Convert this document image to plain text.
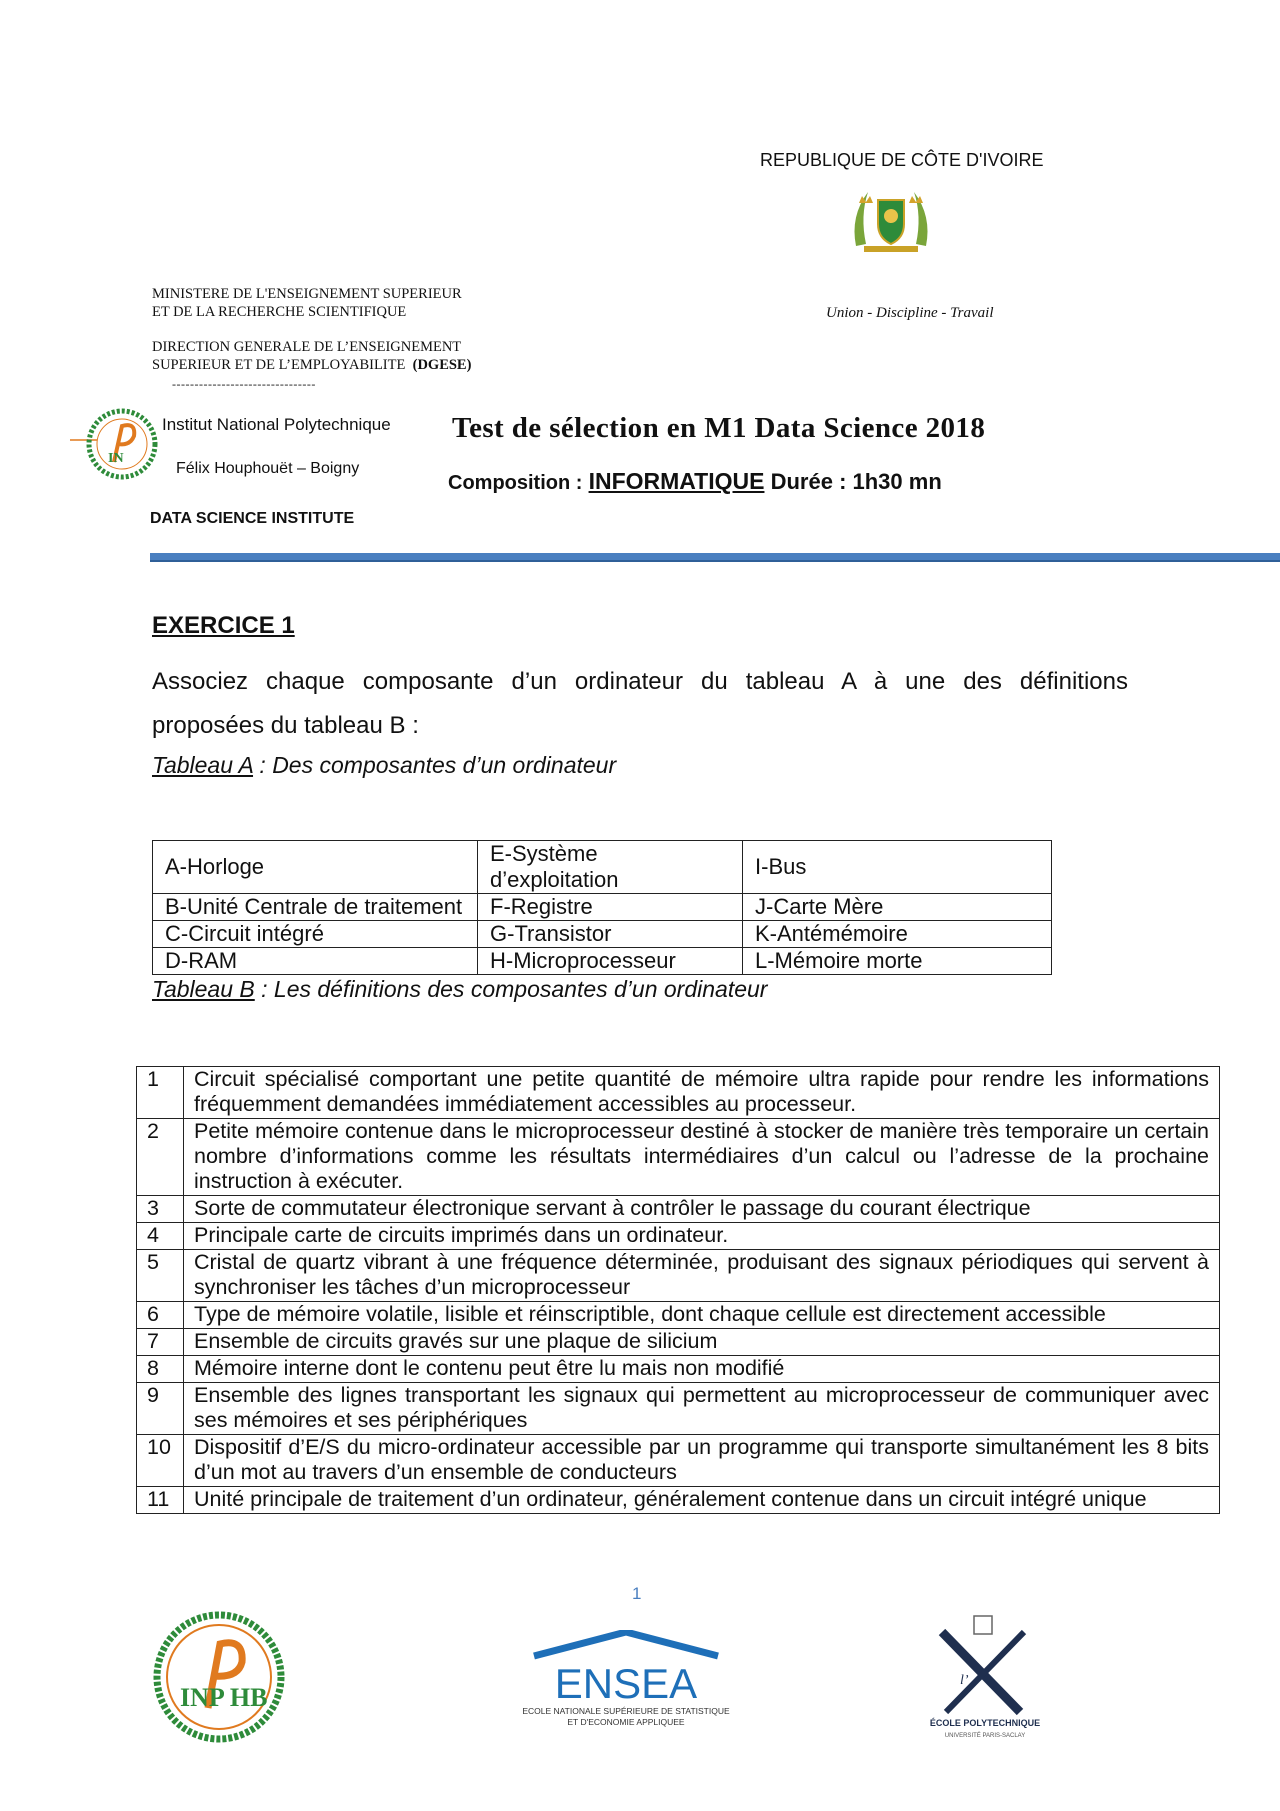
REPUBLIQUE DE CÔTE D'IVOIRE
Union - Discipline - Travail
MINISTERE DE L'ENSEIGNEMENT SUPERIEUR
ET DE LA RECHERCHE SCIENTIFIQUE
DIRECTION GENERALE DE L’ENSEIGNEMENT
SUPERIEUR ET DE L’EMPLOYABILITE (DGESE)
--------------------------------
IN
Institut National Polytechnique
Félix Houphouët – Boigny
DATA SCIENCE INSTITUTE
Test de sélection en M1 Data Science 2018
Composition : INFORMATIQUE Durée : 1h30 mn
EXERCICE 1
Associez chaque composante d’un ordinateur du tableau A à une des définitions
proposées du tableau B :
Tableau A : Des composantes d’un ordinateur
A-Horloge	E-Système d’exploitation	I-Bus
B-Unité Centrale de traitement	F-Registre	J-Carte Mère
C-Circuit intégré	G-Transistor	K-Antémémoire
D-RAM	H-Microprocesseur	L-Mémoire morte
Tableau B : Les définitions des composantes d’un ordinateur
1	Circuit spécialisé comportant une petite quantité de mémoire ultra rapide pour rendre les informations fréquemment demandées immédiatement accessibles au processeur.
2	Petite mémoire contenue dans le microprocesseur destiné à stocker de manière très temporaire un certain nombre d’informations comme les résultats intermédiaires d’un calcul ou l’adresse de la prochaine instruction à exécuter.
3	Sorte de commutateur électronique servant à contrôler le passage du courant électrique
4	Principale carte de circuits imprimés dans un ordinateur.
5	Cristal de quartz vibrant à une fréquence déterminée, produisant des signaux périodiques qui servent à synchroniser les tâches d’un microprocesseur
6	Type de mémoire volatile, lisible et réinscriptible, dont chaque cellule est directement accessible
7	Ensemble de circuits gravés sur une plaque de silicium
8	Mémoire interne dont le contenu peut être lu mais non modifié
9	Ensemble des lignes transportant les signaux qui permettent au microprocesseur de communiquer avec ses mémoires et ses périphériques
10	Dispositif d’E/S du micro-ordinateur accessible par un programme qui transporte simultanément les 8 bits d’un mot au travers d’un ensemble de conducteurs
11	Unité principale de traitement d’un ordinateur, généralement contenue dans un circuit intégré unique
1
INP HB	ENSEA
ECOLE NATIONALE SUPÉRIEURE DE STATISTIQUE
ET D'ECONOMIE APPLIQUEE
l’
ÉCOLE POLYTECHNIQUE
UNIVERSITÉ PARIS-SACLAY
